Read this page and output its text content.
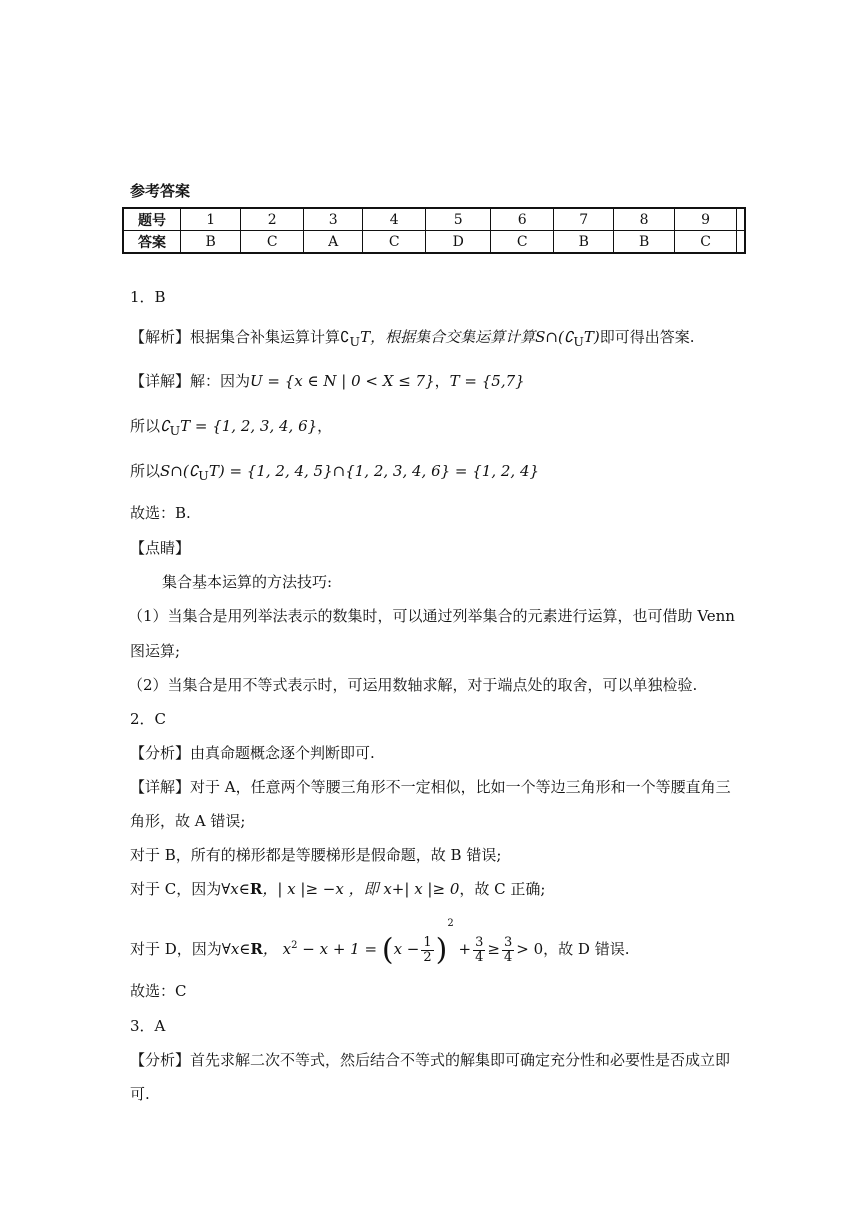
参考答案
题号	1	2	3	4	5	6	7	8	9	
答案	B	C	A	C	D	C	B	B	C	
1．B
【解析】根据集合补集运算计算$∁_UT$，根据集合交集运算计算$S\cap(∁_UT)$即可得出答案.
【详解】解：因为U = {x ∈ N | 0 < X ≤ 7}，T = {5,7}
所以$∁_UT = \{1$, 2, 3, 4, 6}，
所以$S\cap(∁_UT) = \{1$, 2, 4, 5}∩{1, 2, 3, 4, 6} = {1, 2, 4}
故选：B.
【点睛】
集合基本运算的方法技巧:
（1）当集合是用列举法表示的数集时，可以通过列举集合的元素进行运算，也可借助 Venn
图运算;
（2）当集合是用不等式表示时，可运用数轴求解，对于端点处的取舍，可以单独检验.
2．C
【分析】由真命题概念逐个判断即可.
【详解】对于 A，任意两个等腰三角形不一定相似，比如一个等边三角形和一个等腰直角三
角形，故 A 错误;
对于 B，所有的梯形都是等腰梯形是假命题，故 B 错误;
对于 C，因为∀x∈R，| x |≥ −x ，即 x+| x |≥ 0，故 C 正确;
对于 D，因为∀x∈R， $x^2 - x + 1 = (x - \frac{1}{2} )^2 + \frac{3}{4} \ge \frac{3}{4} > 0$，故 D 错误.
故选：C
3．A
【分析】首先求解二次不等式，然后结合不等式的解集即可确定充分性和必要性是否成立即
可.
